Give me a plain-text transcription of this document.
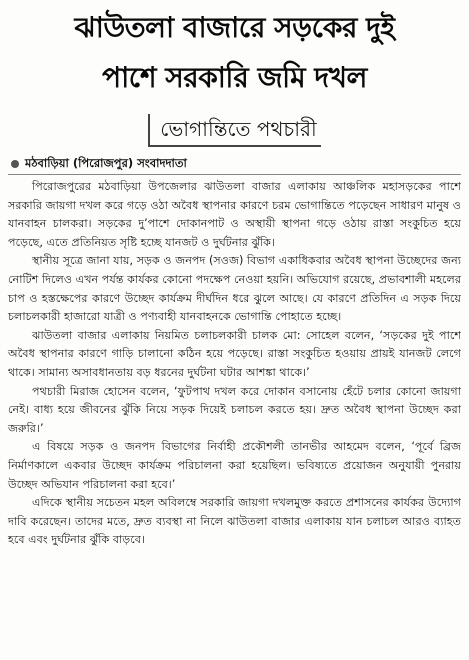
ঝাউতলা বাজারে সড়কের দুই
পাশে সরকারি জমি দখল
ভোগান্তিতে পথচারী
মঠবাড়িয়া (পিরোজপুর) সংবাদদাতা

পিরোজপুরের মঠবাড়িয়া উপজেলার ঝাউতলা বাজার এলাকায় আঞ্চলিক মহাসড়কের পাশে সরকারি জায়গা দখল করে গড়ে ওঠা অবৈধ স্থাপনার কারণে চরম ভোগান্তিতে পড়েছেন সাধারণ মানুষ ও যানবাহন চালকরা। সড়কের দু’পাশে দোকানপাট ও অস্থায়ী স্থাপনা গড়ে ওঠায় রাস্তা সংকুচিত হয়ে পড়েছে, এতে প্রতিনিয়ত সৃষ্টি হচ্ছে যানজট ও দুর্ঘটনার ঝুঁকি।

স্থানীয় সূত্রে জানা যায়, সড়ক ও জনপদ (সওজ) বিভাগ একাধিকবার অবৈধ স্থাপনা উচ্ছেদের জন্য নোটিশ দিলেও এখন পর্যন্ত কার্যকর কোনো পদক্ষেপ নেওয়া হয়নি। অভিযোগ রয়েছে, প্রভাবশালী মহলের চাপ ও হস্তক্ষেপের কারণে উচ্ছেদ কার্যক্রম দীর্ঘদিন ধরে ঝুলে আছে। যে কারণে প্রতিদিন এ সড়ক দিয়ে চলাচলকারী হাজারো যাত্রী ও পণ্যবাহী যানবাহনকে ভোগান্তি পোহাতে হচ্ছে।

ঝাউতলা বাজার এলাকায় নিয়মিত চলাচলকারী চালক মো: সোহেল বলেন, ‘সড়কের দুই পাশে অবৈধ স্থাপনার কারণে গাড়ি চালানো কঠিন হয়ে পড়েছে। রাস্তা সংকুচিত হওয়ায় প্রায়ই যানজট লেগে থাকে। সামান্য অসাবধানতায় বড় ধরনের দুর্ঘটনা ঘটার আশঙ্কা থাকে।’

পথচারী মিরাজ হোসেন বলেন, ‘ফুটপাথ দখল করে দোকান বসানোয় হেঁটে চলার কোনো জায়গা নেই। বাধ্য হয়ে জীবনের ঝুঁকি নিয়ে সড়ক দিয়েই চলাচল করতে হয়। দ্রুত অবৈধ স্থাপনা উচ্ছেদ করা জরুরি।’

এ বিষয়ে সড়ক ও জনপদ বিভাগের নির্বাহী প্রকৌশলী তানভীর আহমেদ বলেন, ‘পূর্বে ব্রিজ নির্মাণকালে একবার উচ্ছেদ কার্যক্রম পরিচালনা করা হয়েছিল। ভবিষ্যতে প্রয়োজন অনুযায়ী পুনরায় উচ্ছেদ অভিযান পরিচালনা করা হবে।’

এদিকে স্থানীয় সচেতন মহল অবিলম্বে সরকারি জায়গা দখলমুক্ত করতে প্রশাসনের কার্যকর উদ্যোগ দাবি করেছেন। তাদের মতে, দ্রুত ব্যবস্থা না নিলে ঝাউতলা বাজার এলাকায় যান চলাচল আরও ব্যাহত হবে এবং দুর্ঘটনার ঝুঁকি বাড়বে।
